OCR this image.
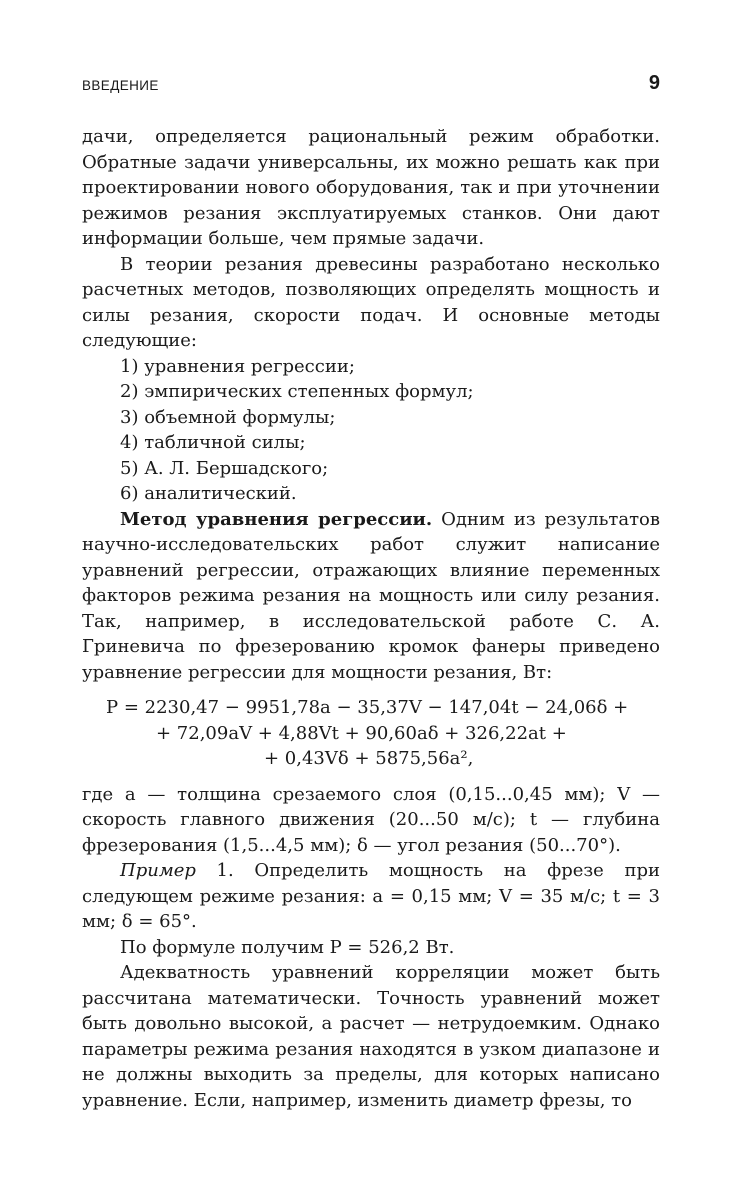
ВВЕДЕНИЕ	9

дачи, определяется рациональный режим обработки. Обратные задачи универсальны, их можно решать как при проектировании нового оборудования, так и при уточнении режимов резания эксплуатируемых станков. Они дают информации больше, чем прямые задачи.

В теории резания древесины разработано несколько расчетных методов, позволяющих определять мощность и силы резания, скорости подач. И основные методы следующие:

1) уравнения регрессии;

2) эмпирических степенных формул;

3) объемной формулы;

4) табличной силы;

5) А. Л. Бершадского;

6) аналитический.

Метод уравнения регрессии. Одним из результатов научно-исследовательских работ служит написание уравнений регрессии, отражающих влияние переменных факторов режима резания на мощность или силу резания. Так, например, в исследовательской работе С. А. Гриневича по фрезерованию кромок фанеры приведено уравнение регрессии для мощности резания, Вт:

P = 2230,47 − 9951,78a − 35,37V − 147,04t − 24,06δ +
+ 72,09aV + 4,88Vt + 90,60aδ + 326,22at +
+ 0,43Vδ + 5875,56a²,

где a — толщина срезаемого слоя (0,15...0,45 мм); V — скорость главного движения (20...50 м/с); t — глубина фрезерования (1,5...4,5 мм); δ — угол резания (50...70°).

Пример 1. Определить мощность на фрезе при следующем режиме резания: a = 0,15 мм; V = 35 м/с; t = 3 мм; δ = 65°.

По формуле получим P = 526,2 Вт.

Адекватность уравнений корреляции может быть рассчитана математически. Точность уравнений может быть довольно высокой, а расчет — нетрудоемким. Однако параметры режима резания находятся в узком диапазоне и не должны выходить за пределы, для которых написано уравнение. Если, например, изменить диаметр фрезы, то
